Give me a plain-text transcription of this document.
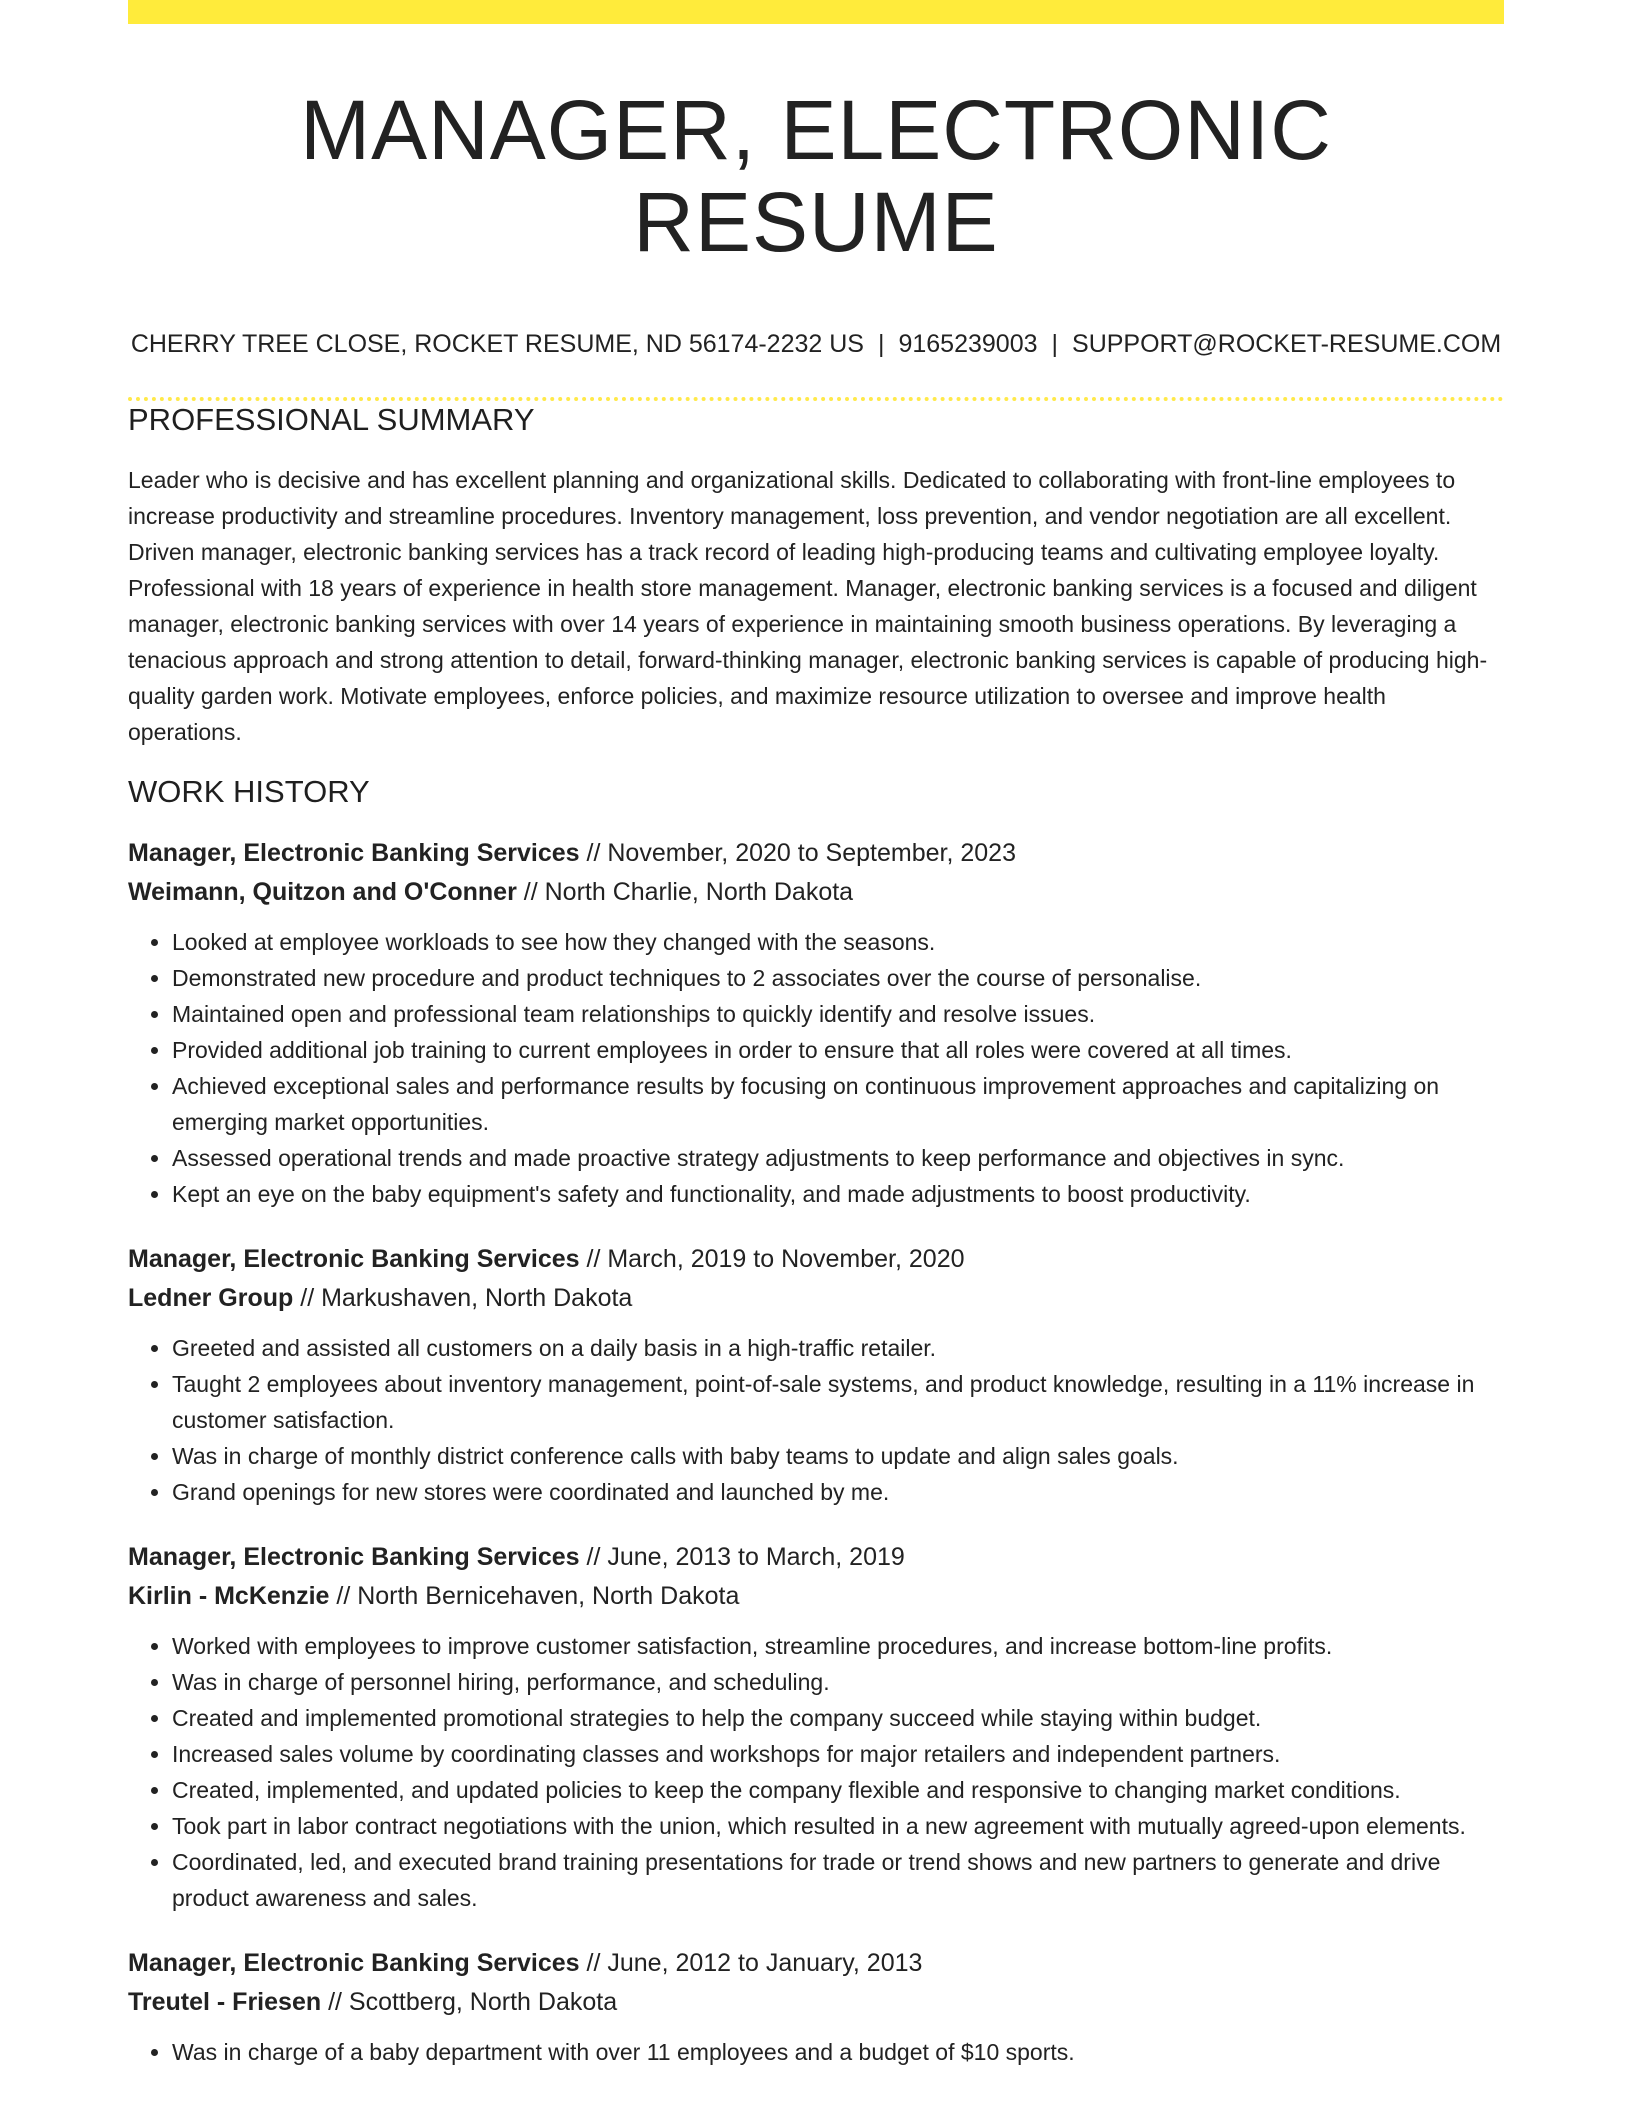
MANAGER, ELECTRONIC RESUME
CHERRY TREE CLOSE, ROCKET RESUME, ND 56174-2232 US | 9165239003 | SUPPORT@ROCKET-RESUME.COM
PROFESSIONAL SUMMARY

Leader who is decisive and has excellent planning and organizational skills. Dedicated to collaborating with front-line employees to increase productivity and streamline procedures. Inventory management, loss prevention, and vendor negotiation are all excellent. Driven manager, electronic banking services has a track record of leading high-producing teams and cultivating employee loyalty. Professional with 18 years of experience in health store management. Manager, electronic banking services is a focused and diligent manager, electronic banking services with over 14 years of experience in maintaining smooth business operations. By leveraging a tenacious approach and strong attention to detail, forward-thinking manager, electronic banking services is capable of producing high-quality garden work. Motivate employees, enforce policies, and maximize resource utilization to oversee and improve health operations.

WORK HISTORY
Manager, Electronic Banking Services // November, 2020 to September, 2023
Weimann, Quitzon and O'Conner // North Charlie, North Dakota
• Looked at employee workloads to see how they changed with the seasons.
• Demonstrated new procedure and product techniques to 2 associates over the course of personalise.
• Maintained open and professional team relationships to quickly identify and resolve issues.
• Provided additional job training to current employees in order to ensure that all roles were covered at all times.
• Achieved exceptional sales and performance results by focusing on continuous improvement approaches and capitalizing on emerging market opportunities.
• Assessed operational trends and made proactive strategy adjustments to keep performance and objectives in sync.
• Kept an eye on the baby equipment's safety and functionality, and made adjustments to boost productivity.
Manager, Electronic Banking Services // March, 2019 to November, 2020
Ledner Group // Markushaven, North Dakota
• Greeted and assisted all customers on a daily basis in a high-traffic retailer.
• Taught 2 employees about inventory management, point-of-sale systems, and product knowledge, resulting in a 11% increase in customer satisfaction.
• Was in charge of monthly district conference calls with baby teams to update and align sales goals.
• Grand openings for new stores were coordinated and launched by me.
Manager, Electronic Banking Services // June, 2013 to March, 2019
Kirlin - McKenzie // North Bernicehaven, North Dakota
• Worked with employees to improve customer satisfaction, streamline procedures, and increase bottom-line profits.
• Was in charge of personnel hiring, performance, and scheduling.
• Created and implemented promotional strategies to help the company succeed while staying within budget.
• Increased sales volume by coordinating classes and workshops for major retailers and independent partners.
• Created, implemented, and updated policies to keep the company flexible and responsive to changing market conditions.
• Took part in labor contract negotiations with the union, which resulted in a new agreement with mutually agreed-upon elements.
• Coordinated, led, and executed brand training presentations for trade or trend shows and new partners to generate and drive product awareness and sales.
Manager, Electronic Banking Services // June, 2012 to January, 2013
Treutel - Friesen // Scottberg, North Dakota
• Was in charge of a baby department with over 11 employees and a budget of $10 sports.
